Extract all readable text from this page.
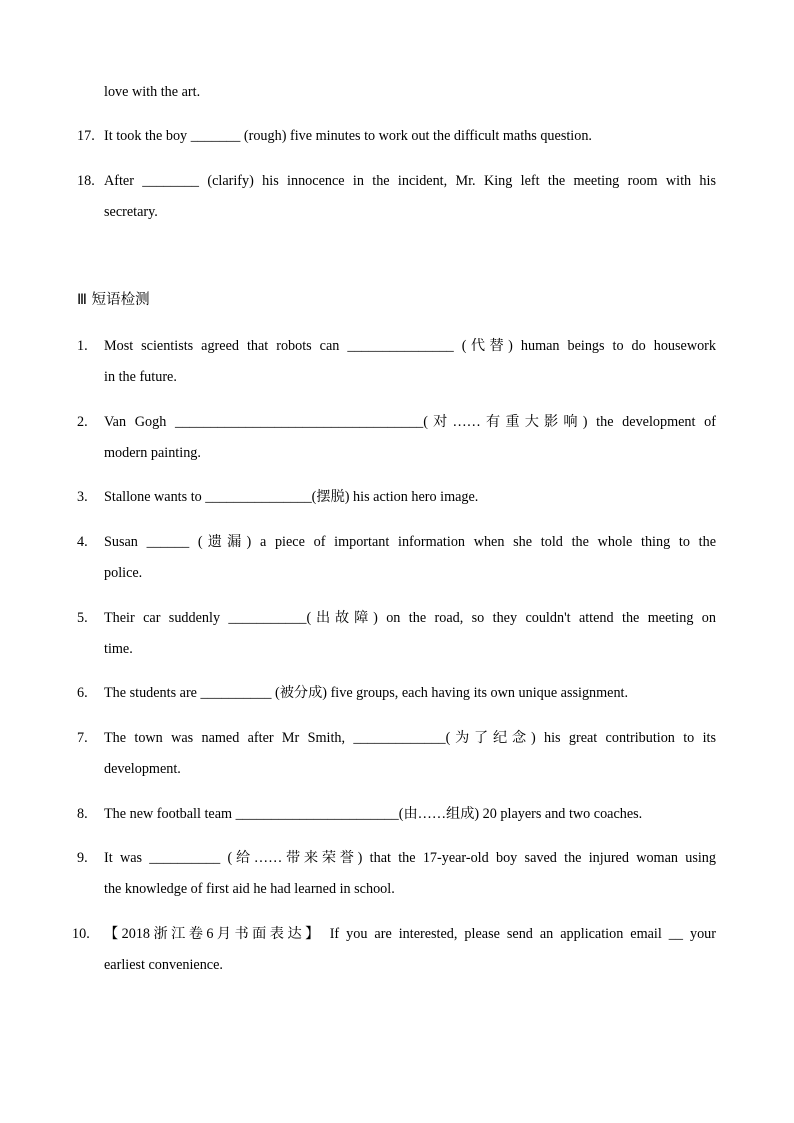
love with the art.
17. It took the boy _______ (rough) five minutes to work out the difficult maths question.
18. After ________ (clarify) his innocence in the incident, Mr. King left the meeting room with his
secretary.
Ⅲ 短语检测
1. Most scientists agreed that robots can _______________ (代替) human beings to do housework
in the future.
2. Van Gogh ___________________________________(对……有重大影响) the development of
modern painting.
3. Stallone wants to _______________(摆脱) his action hero image.
4. Susan ______ (遗漏) a piece of important information when she told the whole thing to the
police.
5. Their car suddenly ___________(出故障) on the road, so they couldn't attend the meeting on
time.
6. The students are __________ (被分成) five groups, each having its own unique assignment.
7. The town was named after Mr Smith, _____________(为了纪念) his great contribution to its
development.
8. The new football team _______________________(由……组成) 20 players and two coaches.
9. It was __________ (给……带来荣誉) that the 17-year-old boy saved the injured woman using
the knowledge of first aid he had learned in school.
10. 【2018浙江卷6月书面表达】 If you are interested, please send an application email __ your
earliest convenience.
